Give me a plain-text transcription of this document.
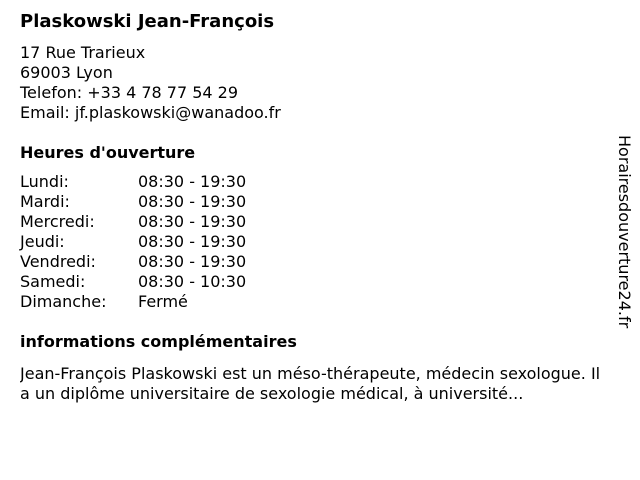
Plaskowski Jean-François
17 Rue Trarieux
69003 Lyon
Telefon: +33 4 78 77 54 29
Email: jf.plaskowski@wanadoo.fr
Heures d'ouverture
Lundi:	08:30 - 19:30
Mardi:	08:30 - 19:30
Mercredi:	08:30 - 19:30
Jeudi:	08:30 - 19:30
Vendredi:	08:30 - 19:30
Samedi:	08:30 - 10:30
Dimanche:	Fermé
informations complémentaires
Jean-François Plaskowski est un méso-thérapeute, médecin sexologue. Il a un diplôme universitaire de sexologie médical, à université...
Horairesdouverture24.fr
